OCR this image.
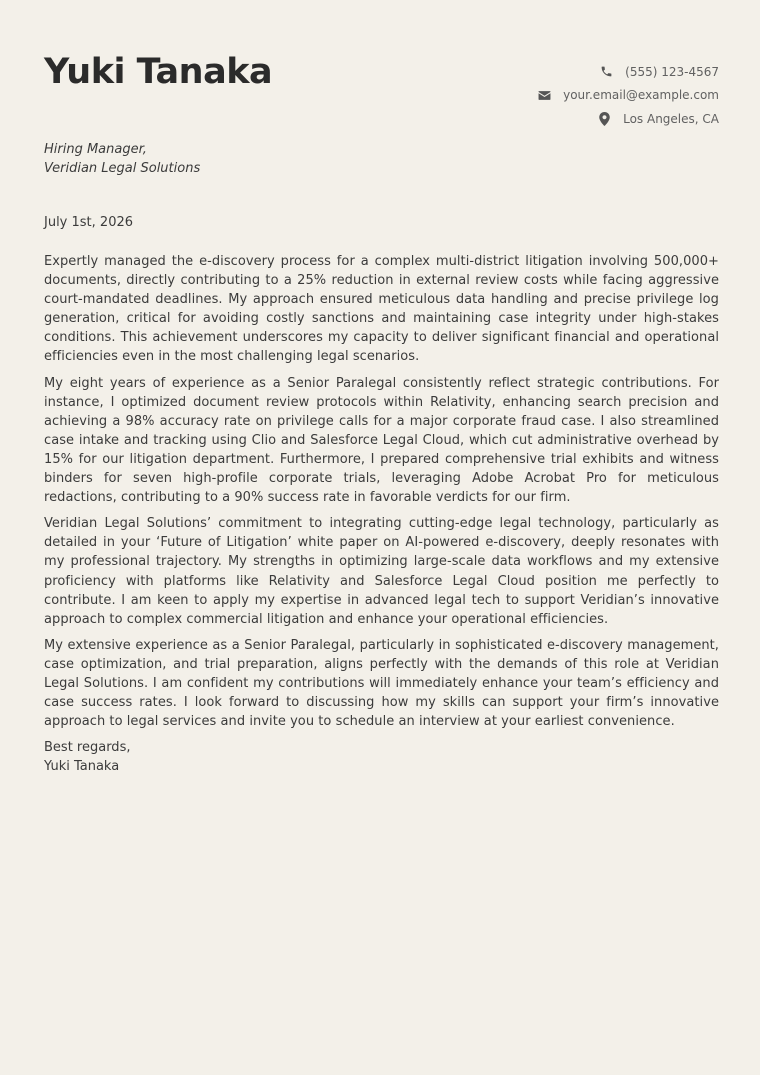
Yuki Tanaka	(555) 123-4567
your.email@example.com
Los Angeles, CA
Hiring Manager,
Veridian Legal Solutions
July 1st, 2026

Expertly managed the e-discovery process for a complex multi-district litigation involving 500,000+ documents, directly contributing to a 25% reduction in external review costs while facing aggressive court-mandated deadlines. My approach ensured meticulous data handling and precise privilege log generation, critical for avoiding costly sanctions and maintaining case integrity under high-stakes conditions. This achievement underscores my capacity to deliver significant financial and operational efficiencies even in the most challenging legal scenarios.

My eight years of experience as a Senior Paralegal consistently reflect strategic contributions. For instance, I optimized document review protocols within Relativity, enhancing search precision and achieving a 98% accuracy rate on privilege calls for a major corporate fraud case. I also streamlined case intake and tracking using Clio and Salesforce Legal Cloud, which cut administrative overhead by 15% for our litigation department. Furthermore, I prepared comprehensive trial exhibits and witness binders for seven high-profile corporate trials, leveraging Adobe Acrobat Pro for meticulous redactions, contributing to a 90% success rate in favorable verdicts for our firm.

Veridian Legal Solutions’ commitment to integrating cutting-edge legal technology, particularly as detailed in your ‘Future of Litigation’ white paper on AI-powered e-discovery, deeply resonates with my professional trajectory. My strengths in optimizing large-scale data workflows and my extensive proficiency with platforms like Relativity and Salesforce Legal Cloud position me perfectly to contribute. I am keen to apply my expertise in advanced legal tech to support Veridian’s innovative approach to complex commercial litigation and enhance your operational efficiencies.

My extensive experience as a Senior Paralegal, particularly in sophisticated e-discovery management, case optimization, and trial preparation, aligns perfectly with the demands of this role at Veridian Legal Solutions. I am confident my contributions will immediately enhance your team’s efficiency and case success rates. I look forward to discussing how my skills can support your firm’s innovative approach to legal services and invite you to schedule an interview at your earliest convenience.

Best regards,
Yuki Tanaka
